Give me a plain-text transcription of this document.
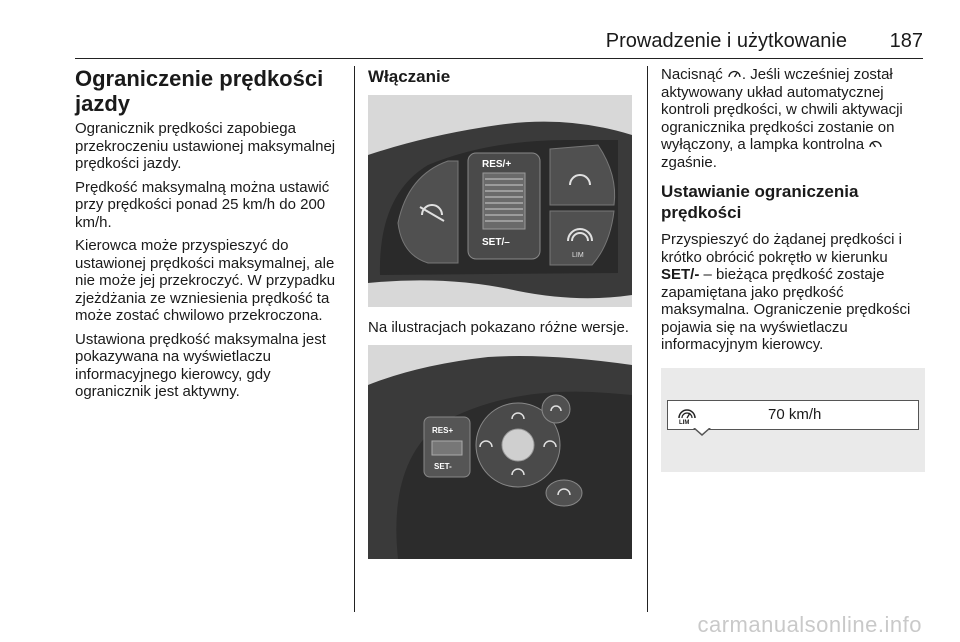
Prowadzenie i użytkowanie 187
Ograniczenie prędkości jazdy

Ogranicznik prędkości zapobiega przekroczeniu ustawionej maksymalnej prędkości jazdy.

Prędkość maksymalną można ustawić przy prędkości ponad 25 km/h do 200 km/h.

Kierowca może przyspieszyć do ustawionej prędkości maksymalnej, ale nie może jej przekroczyć. W przypadku zjeżdżania ze wzniesienia prędkość ta może zostać chwilowo przekroczona.

Ustawiona prędkość maksymalna jest pokazywana na wyświetlaczu informacyjnego kierowcy, gdy ogranicznik jest aktywny.

Włączanie
RES/+
SET/–
LIM

Na ilustracjach pokazano różne wersje.

RES+
SET-

Nacisnąć . Jeśli wcześniej został aktywowany układ automatycznej kontroli prędkości, w chwili aktywacji ogranicznika prędkości zostanie on wyłączony, a lampka kontrolna  zgaśnie.

Ustawianie ograniczenia prędkości

Przyspieszyć do żądanej prędkości i krótko obrócić pokrętło w kierunku SET/- – bieżąca prędkość zostaje zapamiętana jako prędkość maksymalna. Ograniczenie prędkości pojawia się na wyświetlaczu informacyjnym kierowcy.

LIM	70 km/h
carmanualsonline.info
